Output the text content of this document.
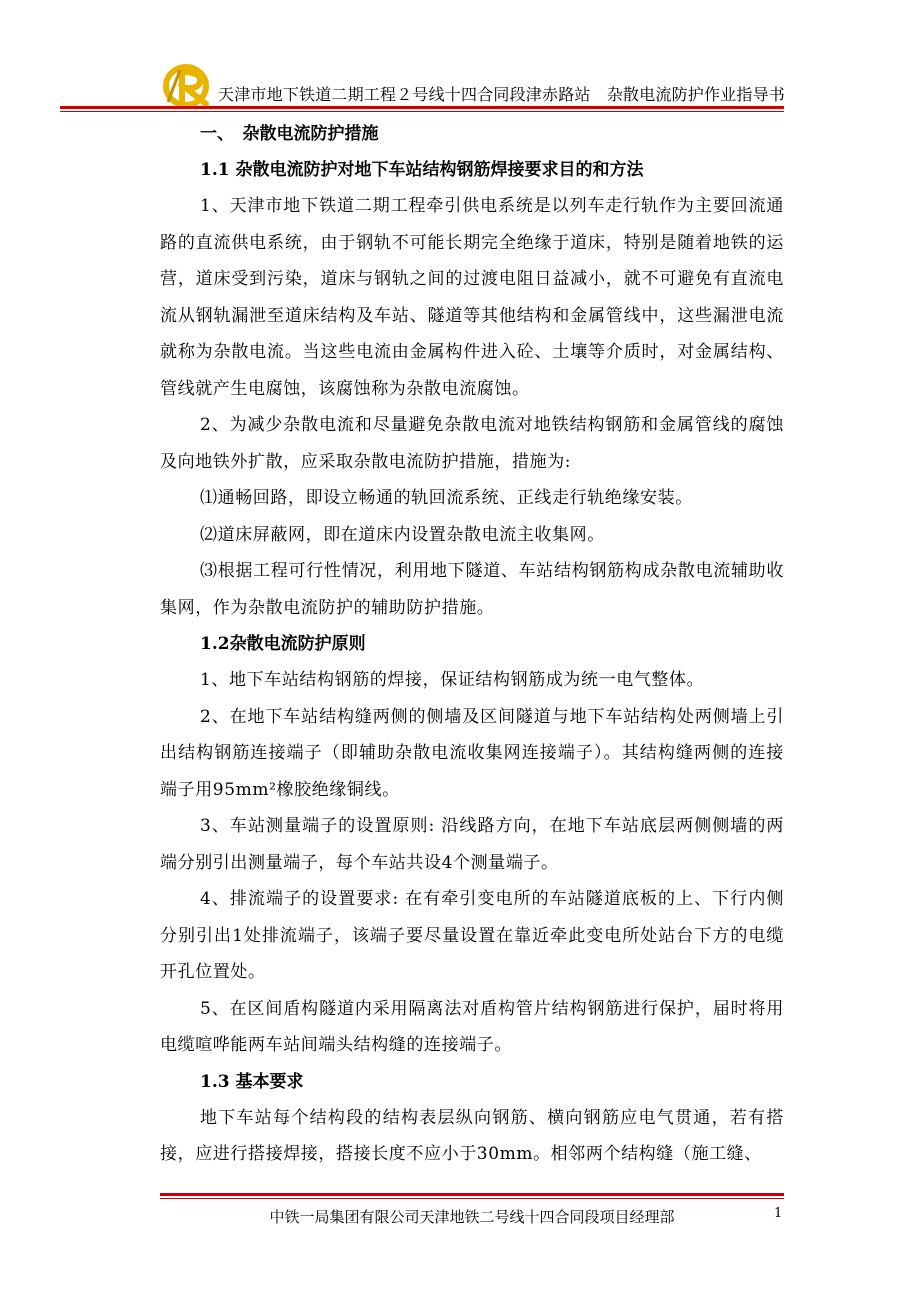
天津市地下铁道二期工程２号线十四合同段津赤路站　杂散电流防护作业指导书

一、　杂散电流防护措施

1.1 杂散电流防护对地下车站结构钢筋焊接要求目的和方法

1、天津市地下铁道二期工程牵引供电系统是以列车走行轨作为主要回流通路的直流供电系统，由于钢轨不可能长期完全绝缘于道床，特别是随着地铁的运营，道床受到污染，道床与钢轨之间的过渡电阻日益减小，就不可避免有直流电流从钢轨漏泄至道床结构及车站、隧道等其他结构和金属管线中，这些漏泄电流就称为杂散电流。当这些电流由金属构件进入砼、土壤等介质时，对金属结构、管线就产生电腐蚀，该腐蚀称为杂散电流腐蚀。

2、为减少杂散电流和尽量避免杂散电流对地铁结构钢筋和金属管线的腐蚀及向地铁外扩散，应采取杂散电流防护措施，措施为:

⑴通畅回路，即设立畅通的轨回流系统、正线走行轨绝缘安装。

⑵道床屏蔽网，即在道床内设置杂散电流主收集网。

⑶根据工程可行性情况，利用地下隧道、车站结构钢筋构成杂散电流辅助收集网，作为杂散电流防护的辅助防护措施。

1.2杂散电流防护原则

1、地下车站结构钢筋的焊接，保证结构钢筋成为统一电气整体。

2、在地下车站结构缝两侧的侧墙及区间隧道与地下车站结构处两侧墙上引出结构钢筋连接端子（即辅助杂散电流收集网连接端子）。其结构缝两侧的连接端子用95mm²橡胶绝缘铜线。

3、车站测量端子的设置原则: 沿线路方向，在地下车站底层两侧侧墙的两端分别引出测量端子，每个车站共设4个测量端子。

4、排流端子的设置要求: 在有牵引变电所的车站隧道底板的上、下行内侧分别引出1处排流端子，该端子要尽量设置在靠近牵此变电所处站台下方的电缆开孔位置处。

5、在区间盾构隧道内采用隔离法对盾构管片结构钢筋进行保护，届时将用电缆喧哗能两车站间端头结构缝的连接端子。

1.3 基本要求

地下车站每个结构段的结构表层纵向钢筋、横向钢筋应电气贯通，若有搭接，应进行搭接焊接，搭接长度不应小于30mm。相邻两个结构缝（施工缝、

中铁一局集团有限公司天津地铁二号线十四合同段项目经理部	1
